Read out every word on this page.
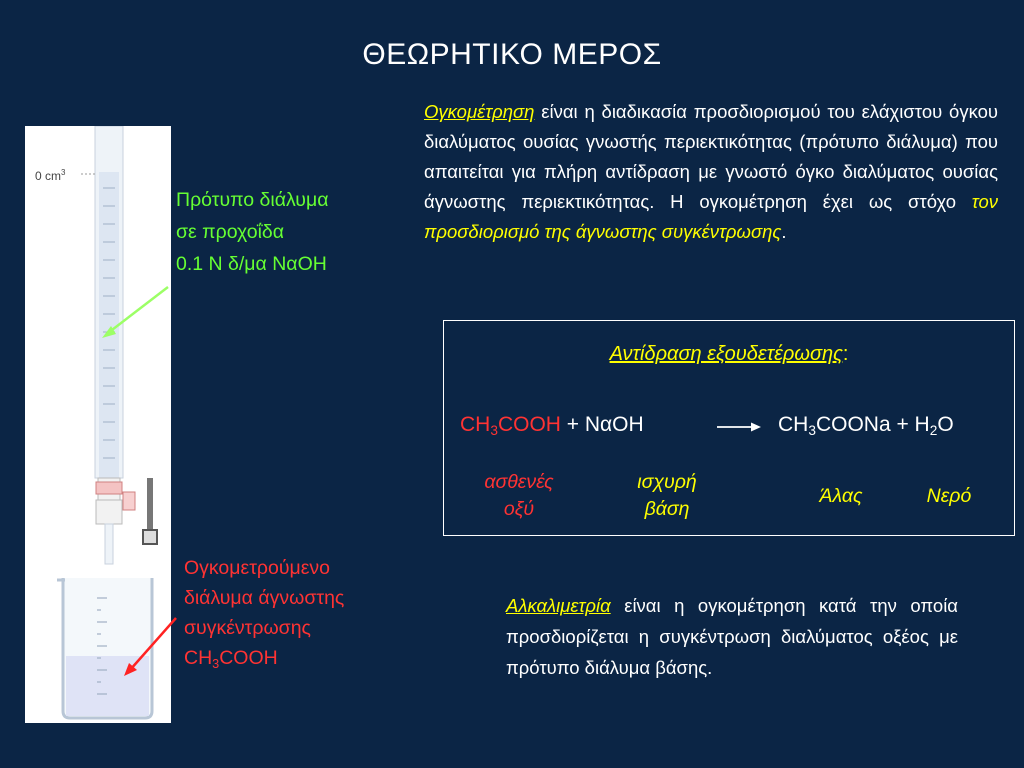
ΘΕΩΡΗΤΙΚΟ ΜΕΡΟΣ

Ογκομέτρηση είναι η διαδικασία προσδιορισμού του ελάχιστου όγκου διαλύματος ουσίας γνωστής περιεκτικότητας (πρότυπο διάλυμα) που απαιτείται για πλήρη αντίδραση με γνωστό όγκο διαλύματος ουσίας άγνωστης περιεκτικότητας. Η ογκομέτρηση έχει ως στόχο τον προσδιορισμό της άγνωστης συγκέντρωσης.

0 $cm^3$

Πρότυπο διάλυμα
σε προχοΐδα
0.1 N δ/μα NαOH

Ογκομετρούμενο
διάλυμα άγνωστης
συγκέντρωσης
$CH_3COOH$

Αντίδραση εξουδετέρωσης:
$CH_3COOH + N\alpha OH$	$CH_3COONa + H_2O$
ασθενές
οξύ
ισχυρή
βάση
Άλας	Νερό

Αλκαλιμετρία είναι η ογκομέτρηση κατά την οποία προσδιορίζεται η συγκέντρωση διαλύματος οξέος με πρότυπο διάλυμα βάσης.
